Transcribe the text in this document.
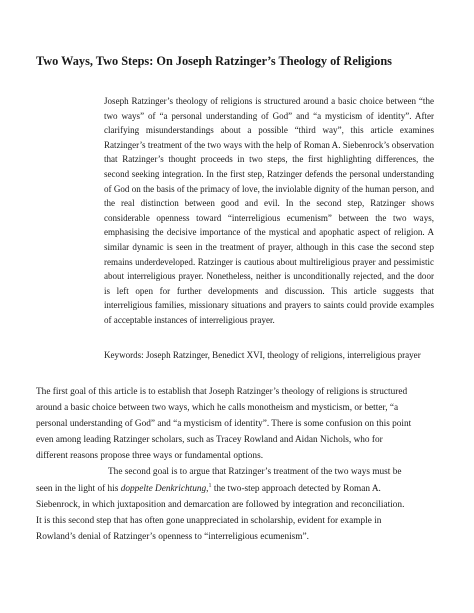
Two Ways, Two Steps: On Joseph Ratzinger’s Theology of Religions

Joseph Ratzinger’s theology of religions is structured around a basic choice between “the two ways” of “a personal understanding of God” and “a mysticism of identity”. After clarifying misunderstandings about a possible “third way”, this article examines Ratzinger’s treatment of the two ways with the help of Roman A. Siebenrock’s observation that Ratzinger’s thought proceeds in two steps, the first highlighting differences, the second seeking integration. In the first step, Ratzinger defends the personal understanding of God on the basis of the primacy of love, the inviolable dignity of the human person, and the real distinction between good and evil. In the second step, Ratzinger shows considerable openness toward “interreligious ecumenism” between the two ways, emphasising the decisive importance of the mystical and apophatic aspect of religion. A similar dynamic is seen in the treatment of prayer, although in this case the second step remains underdeveloped. Ratzinger is cautious about multireligious prayer and pessimistic about interreligious prayer. Nonetheless, neither is unconditionally rejected, and the door is left open for further developments and discussion. This article suggests that interreligious families, missionary situations and prayers to saints could provide examples of acceptable instances of interreligious prayer.

Keywords: Joseph Ratzinger, Benedict XVI, theology of religions, interreligious prayer

The first goal of this article is to establish that Joseph Ratzinger’s theology of religions is structured around a basic choice between two ways, which he calls monotheism and mysticism, or better, “a personal understanding of God” and “a mysticism of identity”. There is some confusion on this point even among leading Ratzinger scholars, such as Tracey Rowland and Aidan Nichols, who for different reasons propose three ways or fundamental options.

The second goal is to argue that Ratzinger’s treatment of the two ways must be seen in the light of his doppelte Denkrichtung,$^1$ the two-step approach detected by Roman A. Siebenrock, in which juxtaposition and demarcation are followed by integration and reconciliation. It is this second step that has often gone unappreciated in scholarship, evident for example in Rowland’s denial of Ratzinger’s openness to “interreligious ecumenism”.
